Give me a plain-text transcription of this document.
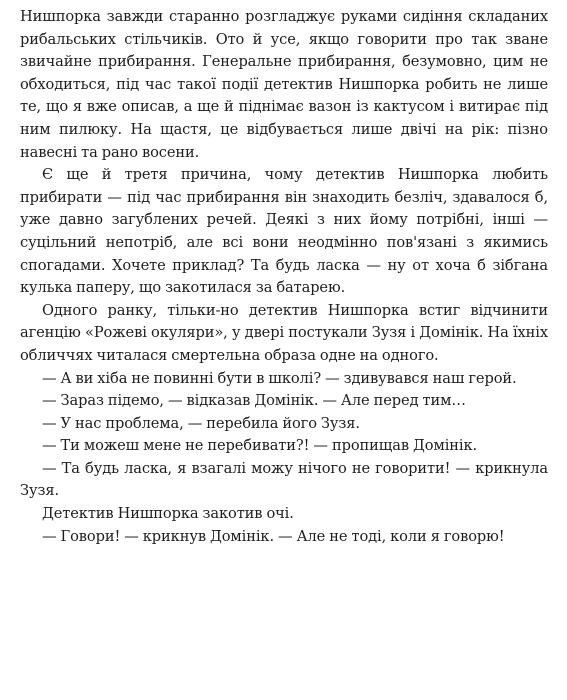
Нишпорка завжди старанно розгладжує руками сидіння складаних рибальських стільчиків. Ото й усе, якщо говорити про так зване звичайне прибирання. Генеральне прибирання, безумовно, цим не обходиться, під час такої події детектив Нишпорка робить не лише те, що я вже описав, а ще й піднімає вазон із кактусом і витирає під ним пилюку. На щастя, це відбувається лише двічі на рік: пізно навесні та рано восени.

Є ще й третя причина, чому детектив Нишпорка любить прибирати — під час прибирання він знаходить безліч, здавалося б, уже давно загублених речей. Деякі з них йому потрібні, інші — суцільний непотріб, але всі вони неодмінно пов'язані з якимись спогадами. Хочете приклад? Та будь ласка — ну от хоча б зібгана кулька паперу, що закотилася за батарею.

Одного ранку, тільки-но детектив Нишпорка встиг відчинити агенцію «Рожеві окуляри», у двері постукали Зузя і Домінік. На їхніх обличчях читалася смертельна образа одне на одного.

— А ви хіба не повинні бути в школі? — здивувався наш герой.

— Зараз підемо, — відказав Домінік. — Але перед тим…

— У нас проблема, — перебила його Зузя.

— Ти можеш мене не перебивати?! — пропищав Домінік.

— Та будь ласка, я взагалі можу нічого не говорити! — крикнула Зузя.

Детектив Нишпорка закотив очі.

— Говори! — крикнув Домінік. — Але не тоді, коли я говорю!
